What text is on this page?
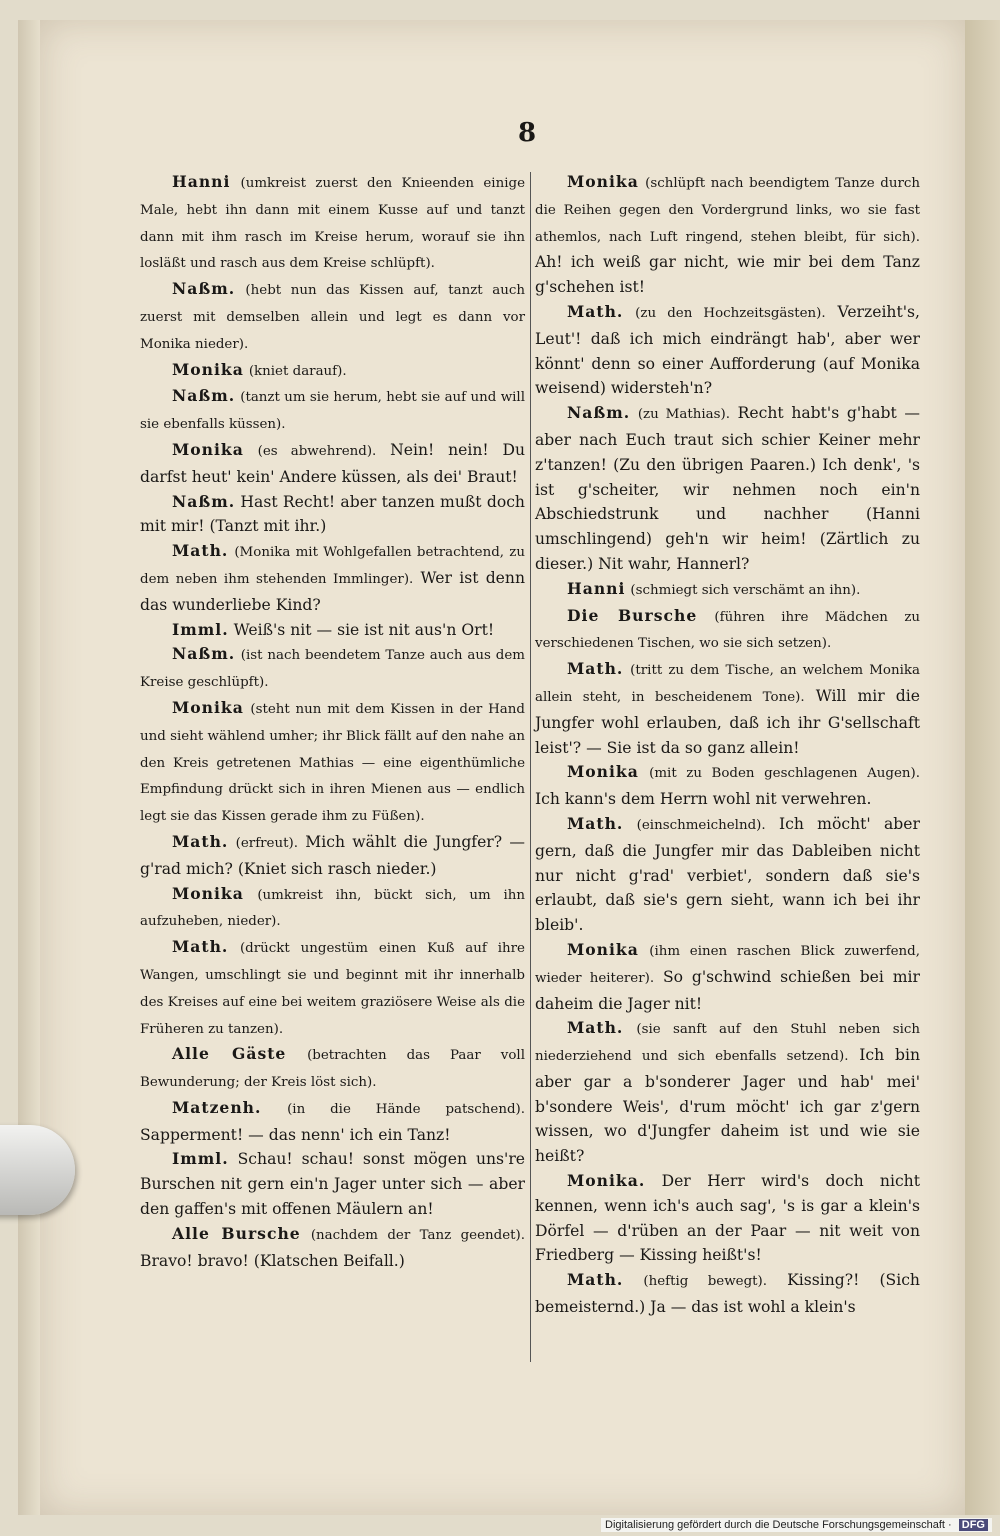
8

Hanni (umkreist zuerst den Knieenden einige Male, hebt ihn dann mit einem Kusse auf und tanzt dann mit ihm rasch im Kreise herum, worauf sie ihn losläßt und rasch aus dem Kreise schlüpft).

Naßm. (hebt nun das Kissen auf, tanzt auch zuerst mit demselben allein und legt es dann vor Monika nieder).

Monika (kniet darauf).

Naßm. (tanzt um sie herum, hebt sie auf und will sie ebenfalls küssen).

Monika (es abwehrend). Nein! nein! Du darfst heut' kein' Andere küssen, als dei' Braut!

Naßm. Hast Recht! aber tanzen mußt doch mit mir! (Tanzt mit ihr.)

Math. (Monika mit Wohlgefallen betrachtend, zu dem neben ihm stehenden Immlinger). Wer ist denn das wunderliebe Kind?

Imml. Weiß's nit — sie ist nit aus'n Ort!

Naßm. (ist nach beendetem Tanze auch aus dem Kreise geschlüpft).

Monika (steht nun mit dem Kissen in der Hand und sieht wählend umher; ihr Blick fällt auf den nahe an den Kreis getretenen Mathias — eine eigenthümliche Empfindung drückt sich in ihren Mienen aus — endlich legt sie das Kissen gerade ihm zu Füßen).

Math. (erfreut). Mich wählt die Jungfer? — g'rad mich? (Kniet sich rasch nieder.)

Monika (umkreist ihn, bückt sich, um ihn aufzuheben, nieder).

Math. (drückt ungestüm einen Kuß auf ihre Wangen, umschlingt sie und beginnt mit ihr innerhalb des Kreises auf eine bei weitem graziösere Weise als die Früheren zu tanzen).

Alle Gäste (betrachten das Paar voll Bewunderung; der Kreis löst sich).

Matzenh. (in die Hände patschend). Sapperment! — das nenn' ich ein Tanz!

Imml. Schau! schau! sonst mögen uns're Burschen nit gern ein'n Jager unter sich — aber den gaffen's mit offenen Mäulern an!

Alle Bursche (nachdem der Tanz geendet). Bravo! bravo! (Klatschen Beifall.)

Monika (schlüpft nach beendigtem Tanze durch die Reihen gegen den Vordergrund links, wo sie fast athemlos, nach Luft ringend, stehen bleibt, für sich). Ah! ich weiß gar nicht, wie mir bei dem Tanz g'schehen ist!

Math. (zu den Hochzeitsgästen). Verzeiht's, Leut'! daß ich mich eindrängt hab', aber wer könnt' denn so einer Aufforderung (auf Monika weisend) widersteh'n?

Naßm. (zu Mathias). Recht habt's g'habt — aber nach Euch traut sich schier Keiner mehr z'tanzen! (Zu den übrigen Paaren.) Ich denk', 's ist g'scheiter, wir nehmen noch ein'n Abschiedstrunk und nachher (Hanni umschlingend) geh'n wir heim! (Zärtlich zu dieser.) Nit wahr, Hannerl?

Hanni (schmiegt sich verschämt an ihn).

Die Bursche (führen ihre Mädchen zu verschiedenen Tischen, wo sie sich setzen).

Math. (tritt zu dem Tische, an welchem Monika allein steht, in bescheidenem Tone). Will mir die Jungfer wohl erlauben, daß ich ihr G'sellschaft leist'? — Sie ist da so ganz allein!

Monika (mit zu Boden geschlagenen Augen). Ich kann's dem Herrn wohl nit verwehren.

Math. (einschmeichelnd). Ich möcht' aber gern, daß die Jungfer mir das Dableiben nicht nur nicht g'rad' verbiet', sondern daß sie's erlaubt, daß sie's gern sieht, wann ich bei ihr bleib'.

Monika (ihm einen raschen Blick zuwerfend, wieder heiterer). So g'schwind schießen bei mir daheim die Jager nit!

Math. (sie sanft auf den Stuhl neben sich niederziehend und sich ebenfalls setzend). Ich bin aber gar a b'sonderer Jager und hab' mei' b'sondere Weis', d'rum möcht' ich gar z'gern wissen, wo d'Jungfer daheim ist und wie sie heißt?

Monika. Der Herr wird's doch nicht kennen, wenn ich's auch sag', 's is gar a klein's Dörfel — d'rüben an der Paar — nit weit von Friedberg — Kissing heißt's!

Math. (heftig bewegt). Kissing?! (Sich bemeisternd.) Ja — das ist wohl a klein's

Digitalisierung gefördert durch die Deutsche Forschungsgemeinschaft · DFG
